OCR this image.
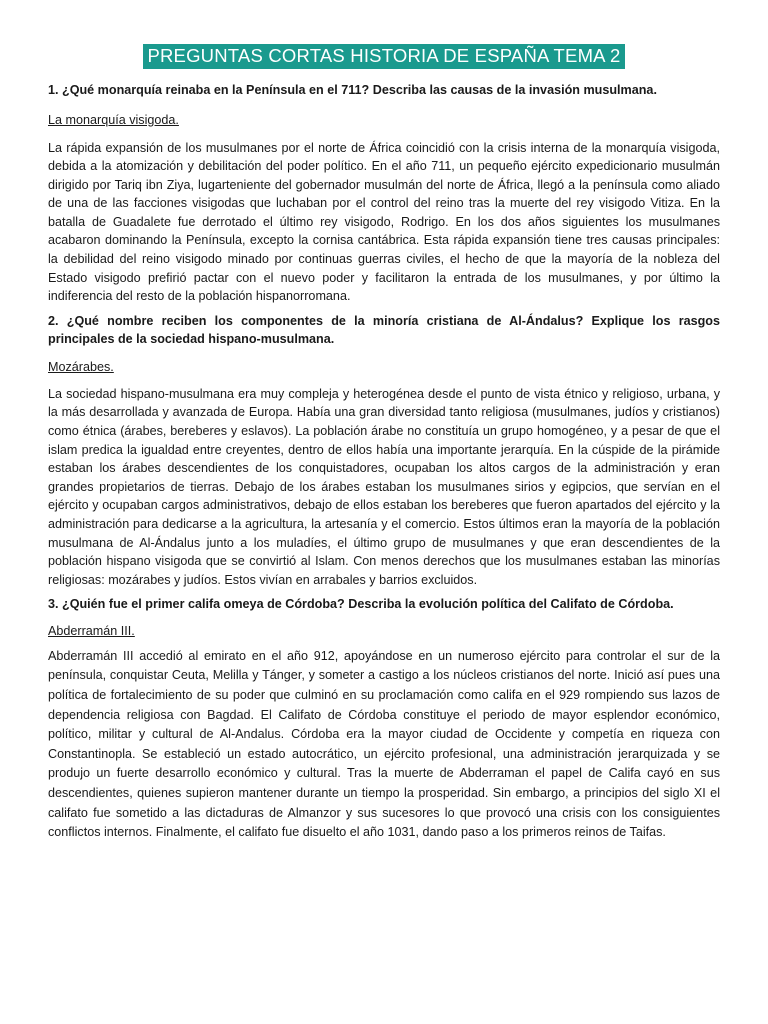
PREGUNTAS CORTAS HISTORIA DE ESPAÑA TEMA 2

1. ¿Qué monarquía reinaba en la Península en el 711? Describa las causas de la invasión musulmana.

La monarquía visigoda.

La rápida expansión de los musulmanes por el norte de África coincidió con la crisis interna de la monarquía visigoda, debida a la atomización y debilitación del poder político. En el año 711, un pequeño ejército expedicionario musulmán dirigido por Tariq ibn Ziya, lugarteniente del gobernador musulmán del norte de África, llegó a la península como aliado de una de las facciones visigodas que luchaban por el control del reino tras la muerte del rey visigodo Vitiza. En la batalla de Guadalete fue derrotado el último rey visigodo, Rodrigo. En los dos años siguientes los musulmanes acabaron dominando la Península, excepto la cornisa cantábrica. Esta rápida expansión tiene tres causas principales: la debilidad del reino visigodo minado por continuas guerras civiles, el hecho de que la mayoría de la nobleza del Estado visigodo prefirió pactar con el nuevo poder y facilitaron la entrada de los musulmanes, y por último la indiferencia del resto de la población hispanorromana.

2. ¿Qué nombre reciben los componentes de la minoría cristiana de Al-Ándalus? Explique los rasgos principales de la sociedad hispano-musulmana.

Mozárabes.

La sociedad hispano-musulmana era muy compleja y heterogénea desde el punto de vista étnico y religioso, urbana, y la más desarrollada y avanzada de Europa. Había una gran diversidad tanto religiosa (musulmanes, judíos y cristianos) como étnica (árabes, bereberes y eslavos). La población árabe no constituía un grupo homogéneo, y a pesar de que el islam predica la igualdad entre creyentes, dentro de ellos había una importante jerarquía. En la cúspide de la pirámide estaban los árabes descendientes de los conquistadores, ocupaban los altos cargos de la administración y eran grandes propietarios de tierras. Debajo de los árabes estaban los musulmanes sirios y egipcios, que servían en el ejército y ocupaban cargos administrativos, debajo de ellos estaban los bereberes que fueron apartados del ejército y la administración para dedicarse a la agricultura, la artesanía y el comercio. Estos últimos eran la mayoría de la población musulmana de Al-Ándalus junto a los muladíes, el último grupo de musulmanes y que eran descendientes de la población hispano visigoda que se convirtió al Islam. Con menos derechos que los musulmanes estaban las minorías religiosas: mozárabes y judíos. Estos vivían en arrabales y barrios excluidos.

3. ¿Quién fue el primer califa omeya de Córdoba? Describa la evolución política del Califato de Córdoba.

Abderramán III.

Abderramán III accedió al emirato en el año 912, apoyándose en un numeroso ejército para controlar el sur de la península, conquistar Ceuta, Melilla y Tánger, y someter a castigo a los núcleos cristianos del norte. Inició así pues una política de fortalecimiento de su poder que culminó en su proclamación como califa en el 929 rompiendo sus lazos de dependencia religiosa con Bagdad. El Califato de Córdoba constituye el periodo de mayor esplendor económico, político, militar y cultural de Al-Andalus. Córdoba era la mayor ciudad de Occidente y competía en riqueza con Constantinopla. Se estableció un estado autocrático, un ejército profesional, una administración jerarquizada y se produjo un fuerte desarrollo económico y cultural. Tras la muerte de Abderraman el papel de Califa cayó en sus descendientes, quienes supieron mantener durante un tiempo la prosperidad. Sin embargo, a principios del siglo XI el califato fue sometido a las dictaduras de Almanzor y sus sucesores lo que provocó una crisis con los consiguientes conflictos internos. Finalmente, el califato fue disuelto el año 1031, dando paso a los primeros reinos de Taifas.
